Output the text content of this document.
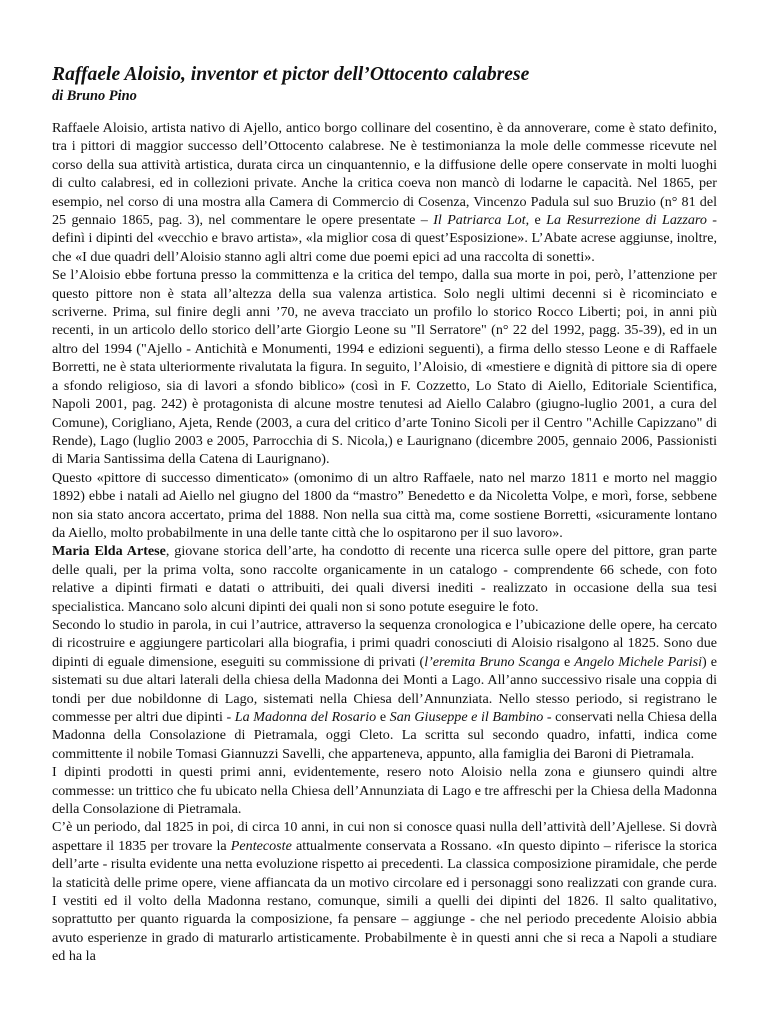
Raffaele Aloisio, inventor et pictor dell’Ottocento calabrese
di Bruno Pino

Raffaele Aloisio, artista nativo di Ajello, antico borgo collinare del cosentino, è da annoverare, come è stato definito, tra i pittori di maggior successo dell’Ottocento calabrese. Ne è testimonianza la mole delle commesse ricevute nel corso della sua attività artistica, durata circa un cinquantennio, e la diffusione delle opere conservate in molti luoghi di culto calabresi, ed in collezioni private. Anche la critica coeva non mancò di lodarne le capacità. Nel 1865, per esempio, nel corso di una mostra alla Camera di Commercio di Cosenza, Vincenzo Padula sul suo Bruzio (n° 81 del 25 gennaio 1865, pag. 3), nel commentare le opere presentate – Il Patriarca Lot, e La Resurrezione di Lazzaro - definì i dipinti del «vecchio e bravo artista», «la miglior cosa di quest’Esposizione». L’Abate acrese aggiunse, inoltre, che «I due quadri dell’Aloisio stanno agli altri come due poemi epici ad una raccolta di sonetti».

Se l’Aloisio ebbe fortuna presso la committenza e la critica del tempo, dalla sua morte in poi, però, l’attenzione per questo pittore non è stata all’altezza della sua valenza artistica. Solo negli ultimi decenni si è ricominciato e scriverne. Prima, sul finire degli anni ’70, ne aveva tracciato un profilo lo storico Rocco Liberti; poi, in anni più recenti, in un articolo dello storico dell’arte Giorgio Leone su "Il Serratore" (n° 22 del 1992, pagg. 35-39), ed in un altro del 1994 ("Ajello - Antichità e Monumenti, 1994 e edizioni seguenti), a firma dello stesso Leone e di Raffaele Borretti, ne è stata ulteriormente rivalutata la figura. In seguito, l’Aloisio, di «mestiere e dignità di pittore sia di opere a sfondo religioso, sia di lavori a sfondo biblico» (così in F. Cozzetto, Lo Stato di Aiello, Editoriale Scientifica, Napoli 2001, pag. 242) è protagonista di alcune mostre tenutesi ad Aiello Calabro (giugno-luglio 2001, a cura del Comune), Corigliano, Ajeta, Rende (2003, a cura del critico d’arte Tonino Sicoli per il Centro "Achille Capizzano" di Rende), Lago (luglio 2003 e 2005, Parrocchia di S. Nicola,) e Laurignano (dicembre 2005, gennaio 2006, Passionisti di Maria Santissima della Catena di Laurignano).

Questo «pittore di successo dimenticato» (omonimo di un altro Raffaele, nato nel marzo 1811 e morto nel maggio 1892) ebbe i natali ad Aiello nel giugno del 1800 da “mastro” Benedetto e da Nicoletta Volpe, e morì, forse, sebbene non sia stato ancora accertato, prima del 1888. Non nella sua città ma, come sostiene Borretti, «sicuramente lontano da Aiello, molto probabilmente in una delle tante città che lo ospitarono per il suo lavoro».

Maria Elda Artese, giovane storica dell’arte, ha condotto di recente una ricerca sulle opere del pittore, gran parte delle quali, per la prima volta, sono raccolte organicamente in un catalogo - comprendente 66 schede, con foto relative a dipinti firmati e datati o attribuiti, dei quali diversi inediti - realizzato in occasione della sua tesi specialistica. Mancano solo alcuni dipinti dei quali non si sono potute eseguire le foto.

Secondo lo studio in parola, in cui l’autrice, attraverso la sequenza cronologica e l’ubicazione delle opere, ha cercato di ricostruire e aggiungere particolari alla biografia, i primi quadri conosciuti di Aloisio risalgono al 1825. Sono due dipinti di eguale dimensione, eseguiti su commissione di privati (l’eremita Bruno Scanga e Angelo Michele Parisi) e sistemati su due altari laterali della chiesa della Madonna dei Monti a Lago. All’anno successivo risale una coppia di tondi per due nobildonne di Lago, sistemati nella Chiesa dell’Annunziata. Nello stesso periodo, si registrano le commesse per altri due dipinti - La Madonna del Rosario e San Giuseppe e il Bambino - conservati nella Chiesa della Madonna della Consolazione di Pietramala, oggi Cleto. La scritta sul secondo quadro, infatti, indica come committente il nobile Tomasi Giannuzzi Savelli, che apparteneva, appunto, alla famiglia dei Baroni di Pietramala.

I dipinti prodotti in questi primi anni, evidentemente, resero noto Aloisio nella zona e giunsero quindi altre commesse: un trittico che fu ubicato nella Chiesa dell’Annunziata di Lago e tre affreschi per la Chiesa della Madonna della Consolazione di Pietramala.

C’è un periodo, dal 1825 in poi, di circa 10 anni, in cui non si conosce quasi nulla dell’attività dell’Ajellese. Si dovrà aspettare il 1835 per trovare la Pentecoste attualmente conservata a Rossano. «In questo dipinto – riferisce la storica dell’arte - risulta evidente una netta evoluzione rispetto ai precedenti. La classica composizione piramidale, che perde la staticità delle prime opere, viene affiancata da un motivo circolare ed i personaggi sono realizzati con grande cura. I vestiti ed il volto della Madonna restano, comunque, simili a quelli dei dipinti del 1826. Il salto qualitativo, soprattutto per quanto riguarda la composizione, fa pensare – aggiunge - che nel periodo precedente Aloisio abbia avuto esperienze in grado di maturarlo artisticamente. Probabilmente è in questi anni che si reca a Napoli a studiare ed ha la
